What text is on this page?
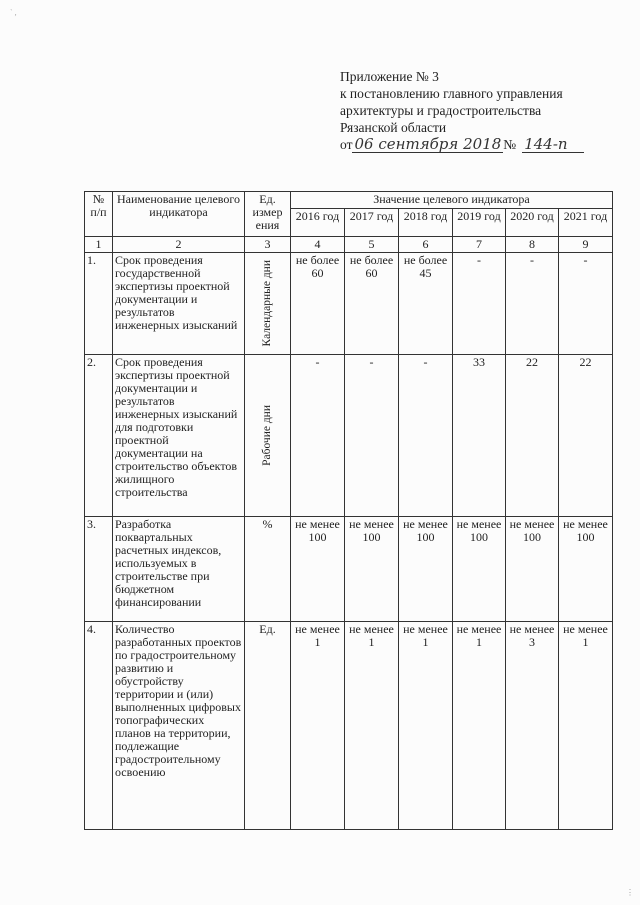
` ,
Приложение № 3
к постановлению главного управления
архитектуры и градостроительства
Рязанской области
от 06 сентября 2018 № 144-п
№ п/п	Наименование целевого индикатора	Ед. измер ения	Значение целевого индикатора					
			2016 год	2017 год	2018 год	2019 год	2020 год	2021 год
1	2	3	4	5	6	7	8	9
1.	Срок проведения государственной экспертизы проектной документации и результатов инженерных изысканий	Календарные дни	не более 60	не более 60	не более 45	-	-	-
2.	Срок проведения экспертизы проектной документации и результатов инженерных изысканий для подготовки проектной документации на строительство объектов жилищного строительства	Рабочие дни	-	-	-	33	22	22
3.	Разработка поквартальных расчетных индексов, используемых в строительстве при бюджетном финансировании	%	не менее 100	не менее 100	не менее 100	не менее 100	не менее 100	не менее 100
4.	Количество разработанных проектов по градостроительному развитию и обустройству территории и (или) выполненных цифровых топографических планов на территории, подлежащие градостроительному освоению	Ед.	не менее 1	не менее 1	не менее 1	не менее 1	не менее 3	не менее 1
⋮
